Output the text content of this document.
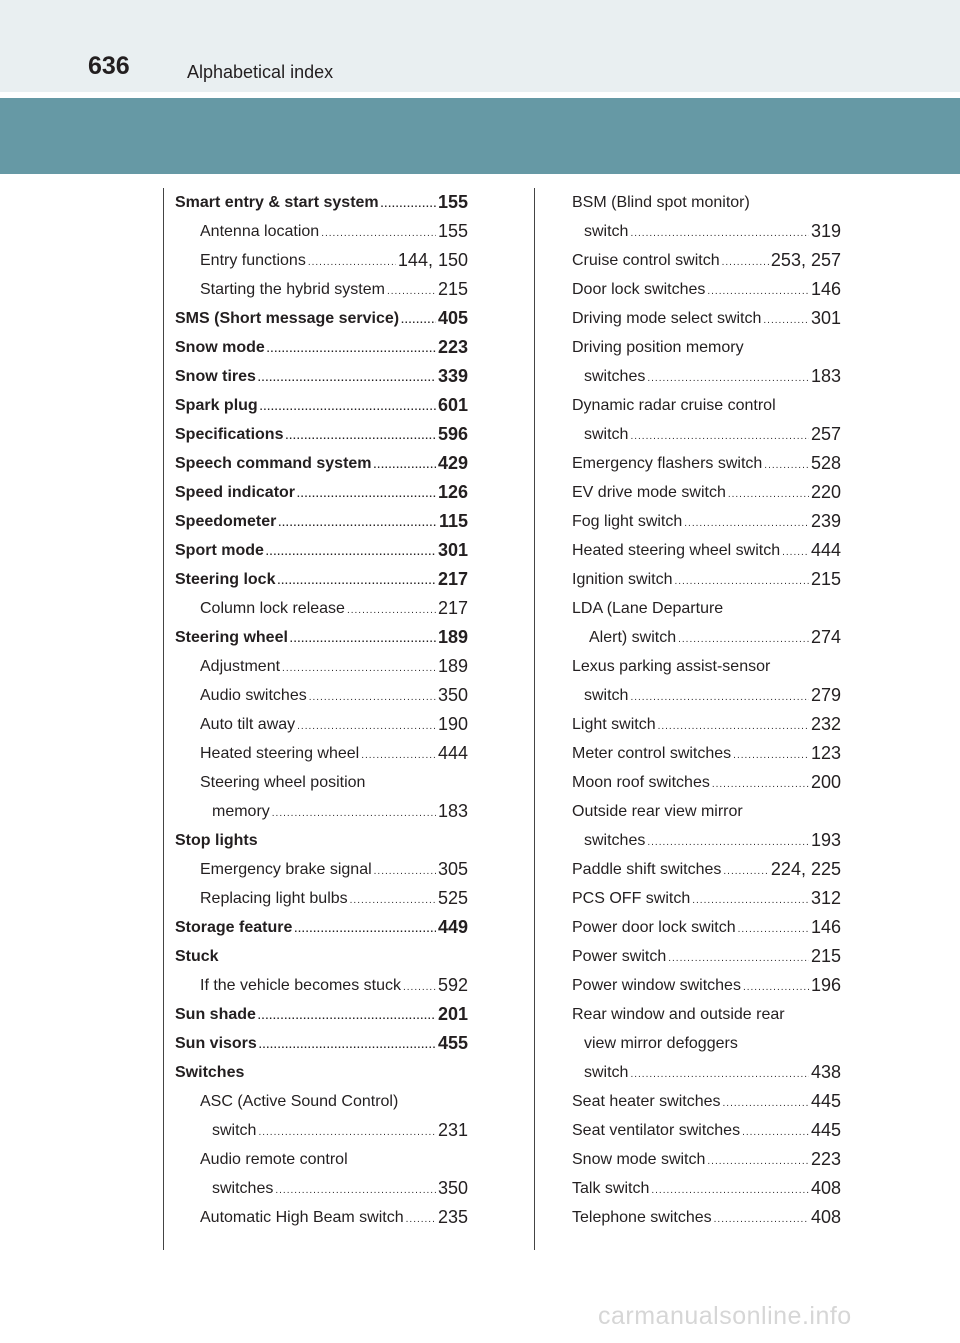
636	Alphabetical index
Smart entry & start system .....	155
Antenna location .....	155
Entry functions .....	144, 150
Starting the hybrid system .....	215
SMS (Short message service) ..... 405
Snow mode .....	223
Snow tires .....	339
Spark plug .....	601
Specifications .....	596
Speech command system .....	429
Speed indicator .....	126
Speedometer .....	115
Sport mode .....	301
Steering lock .....	217
Column lock release .....	217
Steering wheel .....	189
Adjustment .....	189
Audio switches .....	350
Auto tilt away .....	190
Heated steering wheel .....	444
Steering wheel position
memory .....	183
Stop lights
Emergency brake signal .....	305
Replacing light bulbs .....	525
Storage feature .....	449
Stuck
If the vehicle becomes stuck ..... 592
Sun shade .....	201
Sun visors .....	455
Switches
ASC (Active Sound Control)
switch .....	231
Audio remote control
switches .....	350
Automatic High Beam switch ..... 235
BSM (Blind spot monitor)
switch .....	319
Cruise control switch .....	253, 257
Door lock switches .....	146
Driving mode select switch .....	301
Driving position memory
switches .....	183
Dynamic radar cruise control
switch .....	257
Emergency flashers switch .....	528
EV drive mode switch .....	220
Fog light switch .....	239
Heated steering wheel switch ..... 444
Ignition switch .....	215
LDA (Lane Departure
Alert) switch .....	274
Lexus parking assist-sensor
switch .....	279
Light switch .....	232
Meter control switches .....	123
Moon roof switches .....	200
Outside rear view mirror
switches .....	193
Paddle shift switches .....	224, 225
PCS OFF switch .....	312
Power door lock switch .....	146
Power switch .....	215
Power window switches .....	196
Rear window and outside rear
view mirror defoggers
switch .....	438
Seat heater switches .....	445
Seat ventilator switches .....	445
Snow mode switch .....	223
Talk switch .....	408
Telephone switches .....	408
carmanualsonline.info
